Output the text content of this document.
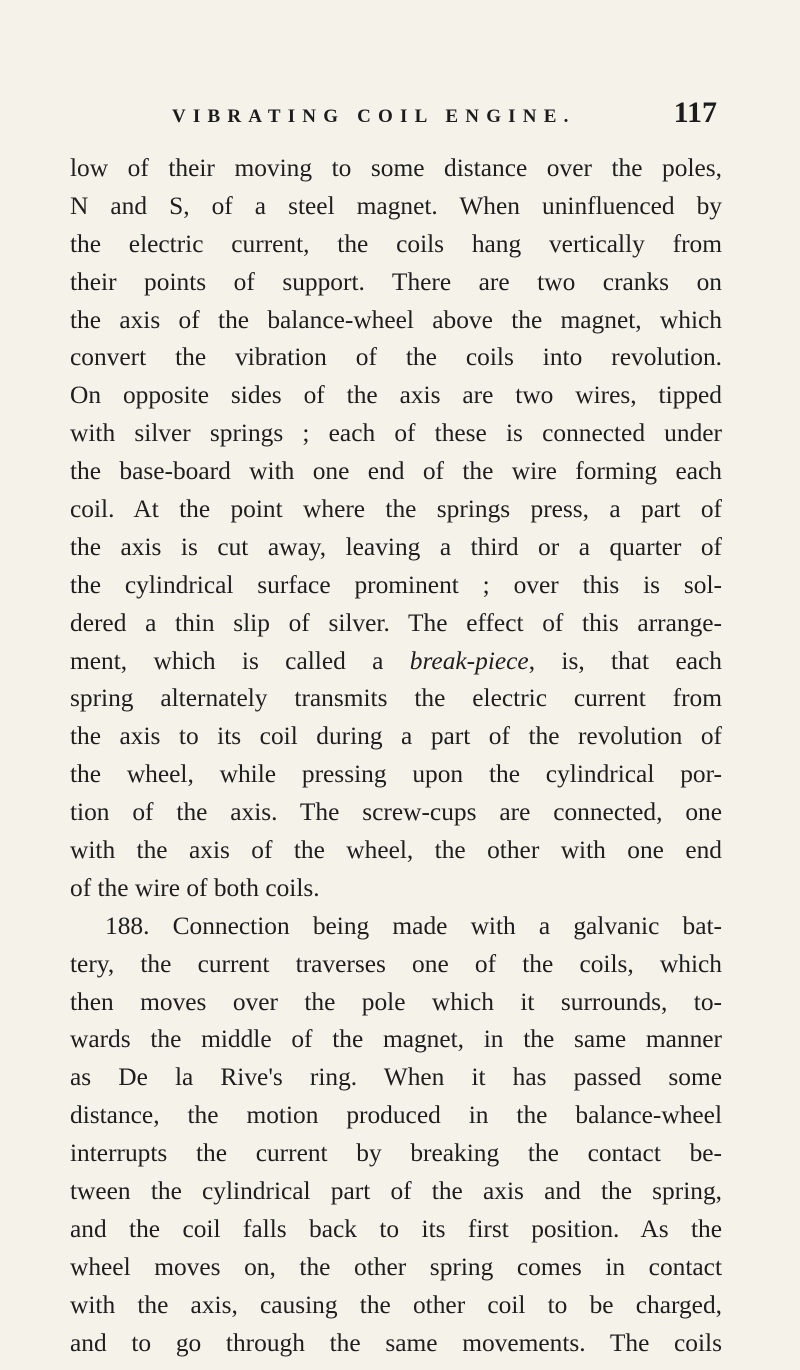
VIBRATING COIL ENGINE.	117
low of their moving to some distance over the poles,
N and S, of a steel magnet. When uninfluenced by
the electric current, the coils hang vertically from
their points of support. There are two cranks on
the axis of the balance-wheel above the magnet, which
convert the vibration of the coils into revolution.
On opposite sides of the axis are two wires, tipped
with silver springs ; each of these is connected under
the base-board with one end of the wire forming each
coil. At the point where the springs press, a part of
the axis is cut away, leaving a third or a quarter of
the cylindrical surface prominent ; over this is sol-
dered a thin slip of silver. The effect of this arrange-
ment, which is called a break-piece, is, that each
spring alternately transmits the electric current from
the axis to its coil during a part of the revolution of
the wheel, while pressing upon the cylindrical por-
tion of the axis. The screw-cups are connected, one
with the axis of the wheel, the other with one end
of the wire of both coils.
188. Connection being made with a galvanic bat-
tery, the current traverses one of the coils, which
then moves over the pole which it surrounds, to-
wards the middle of the magnet, in the same manner
as De la Rive's ring. When it has passed some
distance, the motion produced in the balance-wheel
interrupts the current by breaking the contact be-
tween the cylindrical part of the axis and the spring,
and the coil falls back to its first position. As the
wheel moves on, the other spring comes in contact
with the axis, causing the other coil to be charged,
and to go through the same movements. The coils
